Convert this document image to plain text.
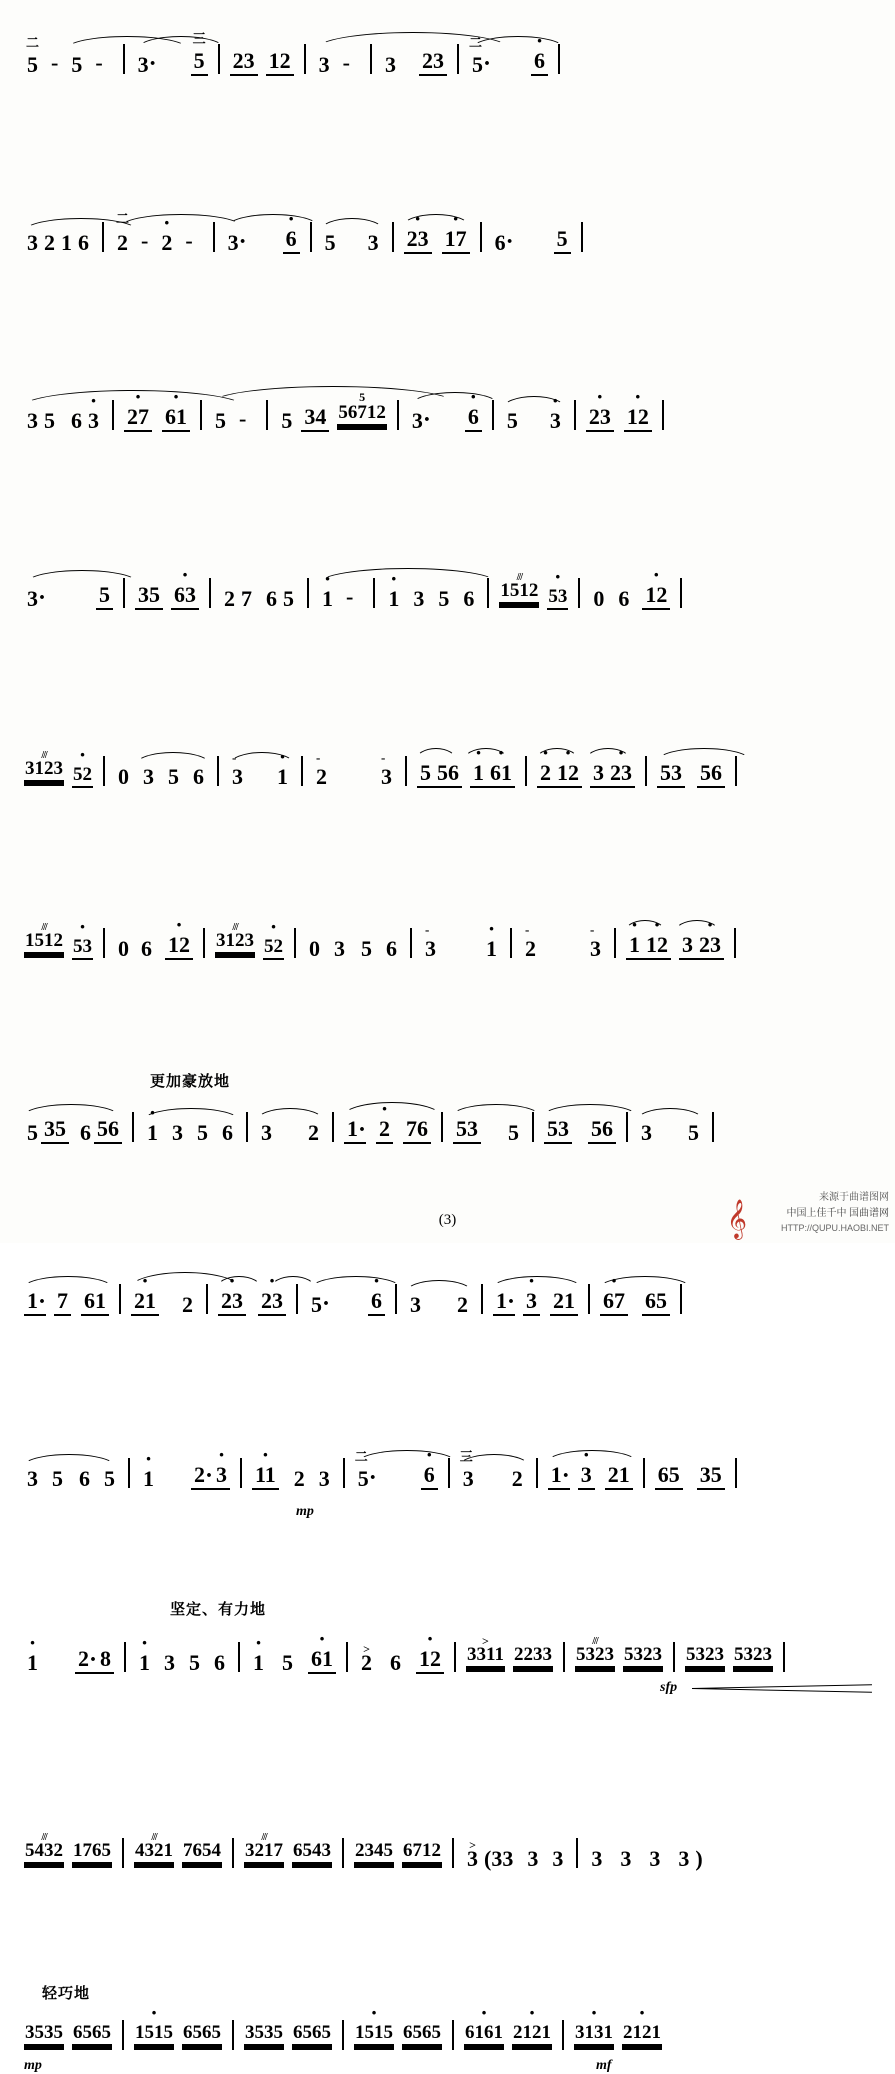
5
二
- 5 -	3 ·	5
三
23 12 3 -	3 23 5
二
·
· 6
3 2 1 6 2
二
- · 2 -	3 ·	· 6 5 3 · 23 · 17 6 ·	5
3 5 6 · 3 · 27 · 61 5 -	5 34 56712
5
3 ·	· 6 5 · 3 · 23 · 12
3 ·	5 35 · 63 2 7 6 5 · 1 -	· 1 3 5 6 /// 1512 · 53 0 6 · 12
/// 3123 · 52 0 3 5 6 3
-
· 1 2
-
3
-
5 56 · 1 · 61 · 2 · 12 3 · 23 53 56
/// 1512 · 53 0 6 · 12 /// 3123 · 52 0 3 5 6 3
-
· 1 2
-
3
-
· 1 · 12 3 · 23
更加豪放地
5 35 6 56 · 1 3 5 6 3 2 1 · · 2 76 53 5 53 56 3 5
1 · 7 61 · 21 2 · 23 · 23 5 ·	· 6 3 2 1 · · 3 21 · 67 65
3 5 6 5 · 1 2 · · 3 · 11 2 3 5
二
·
· 6 3
三
2 1 · · 3 21 65 35
mp
坚定、有力地
· 1 2 · 8 · 1 3 5 6 · 1 5 · 61 > 2 6 · 12 > 3311 2233 /// 5323 5323 5323 5323
sfp
/// 5432 1765 /// 4321 7654 /// 3217 6543 2345 6712 > 3 (33 3 3 3 3 3 3 )
轻巧地
3535 6565 · 1515 6565 3535 6565 · 1515 6565 · 6161 · 2121 · 3131 · 2121
mp	mf
(3)	𝄞	中国上佳千中 国曲谱网
HTTP://QUPU.HAOBI.NET
来源于曲谱图网
